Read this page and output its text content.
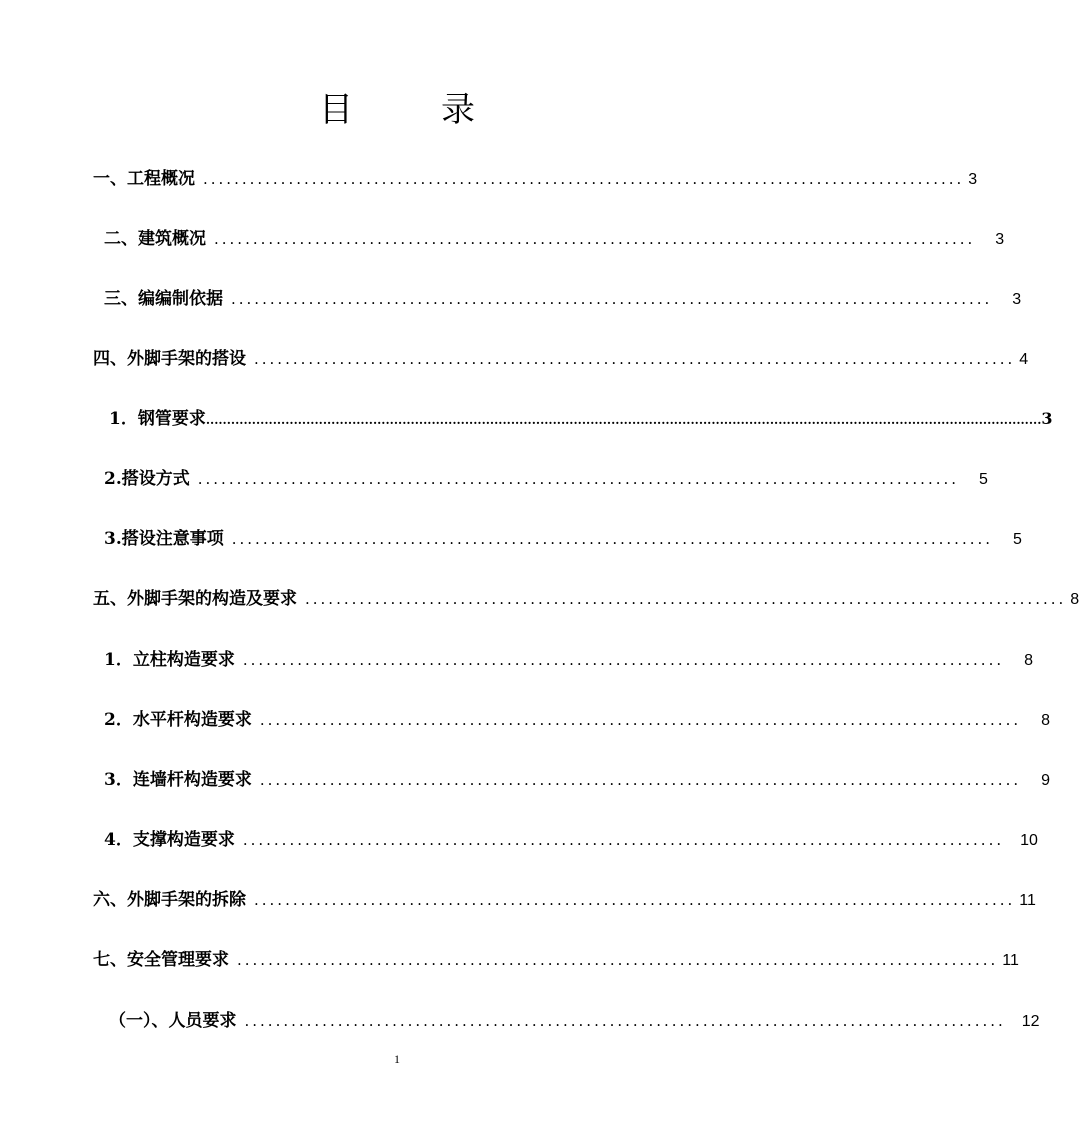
目	录
一、工程概况 .................................................................................................. 3
二、建筑概况 .................................................................................................. 3
三、编编制依据 .................................................................................................. 3
四、外脚手架的搭设 .................................................................................................. 4
1．钢管要求 ........................................................................................................................................................................................................ 3
2.搭设方式 .................................................................................................. 5
3.搭设注意事项 .................................................................................................. 5
五、外脚手架的构造及要求 .................................................................................................. 8
1．立柱构造要求 .................................................................................................. 8
2．水平杆构造要求 .................................................................................................. 8
3．连墙杆构造要求 .................................................................................................. 9
4．支撑构造要求 .................................................................................................. 10
六、外脚手架的拆除 .................................................................................................. 11
七、安全管理要求 .................................................................................................. 11
（一）、人员要求 .................................................................................................. 12
1
